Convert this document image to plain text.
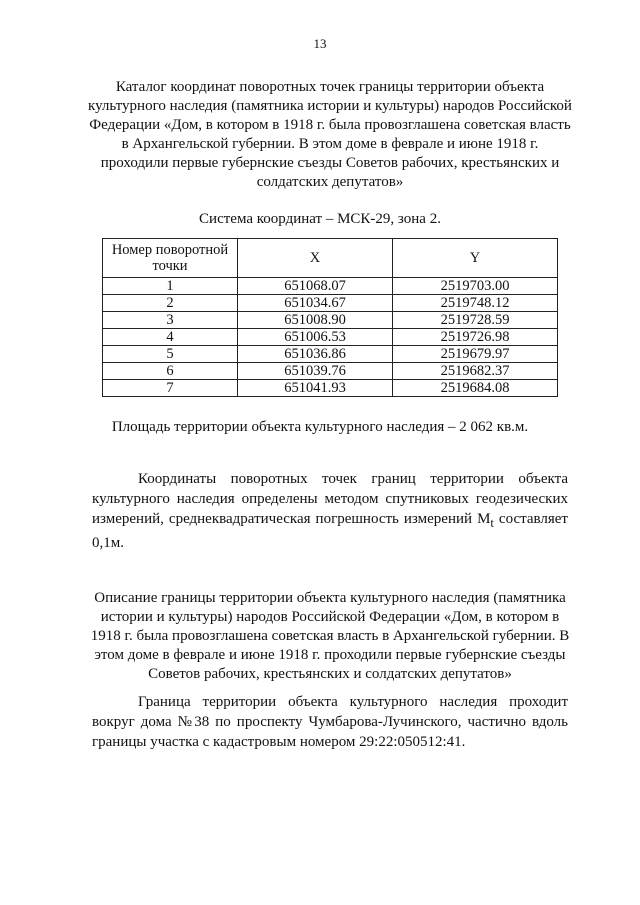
13
Каталог координат поворотных точек границы территории объекта культурного наследия (памятника истории и культуры) народов Российской Федерации «Дом, в котором в 1918 г. была провозглашена советская власть в Архангельской губернии. В этом доме в феврале и июне 1918 г. проходили первые губернские съезды Советов рабочих, крестьянских и солдатских депутатов»
Система координат – МСК-29, зона 2.
Номер поворотной точки	X	Y
1	651068.07	2519703.00
2	651034.67	2519748.12
3	651008.90	2519728.59
4	651006.53	2519726.98
5	651036.86	2519679.97
6	651039.76	2519682.37
7	651041.93	2519684.08
Площадь территории объекта культурного наследия – 2 062 кв.м.
Координаты поворотных точек границ территории объекта культурного наследия определены методом спутниковых геодезических измерений, среднеквадратическая погрешность измерений $M_t$ составляет 0,1м.
Описание границы территории объекта культурного наследия (памятника истории и культуры) народов Российской Федерации «Дом, в котором в 1918 г. была провозглашена советская власть в Архангельской губернии. В этом доме в феврале и июне 1918 г. проходили первые губернские съезды Советов рабочих, крестьянских и солдатских депутатов»
Граница территории объекта культурного наследия проходит вокруг дома №38 по проспекту Чумбарова-Лучинского, частично вдоль границы участка с кадастровым номером 29:22:050512:41.
